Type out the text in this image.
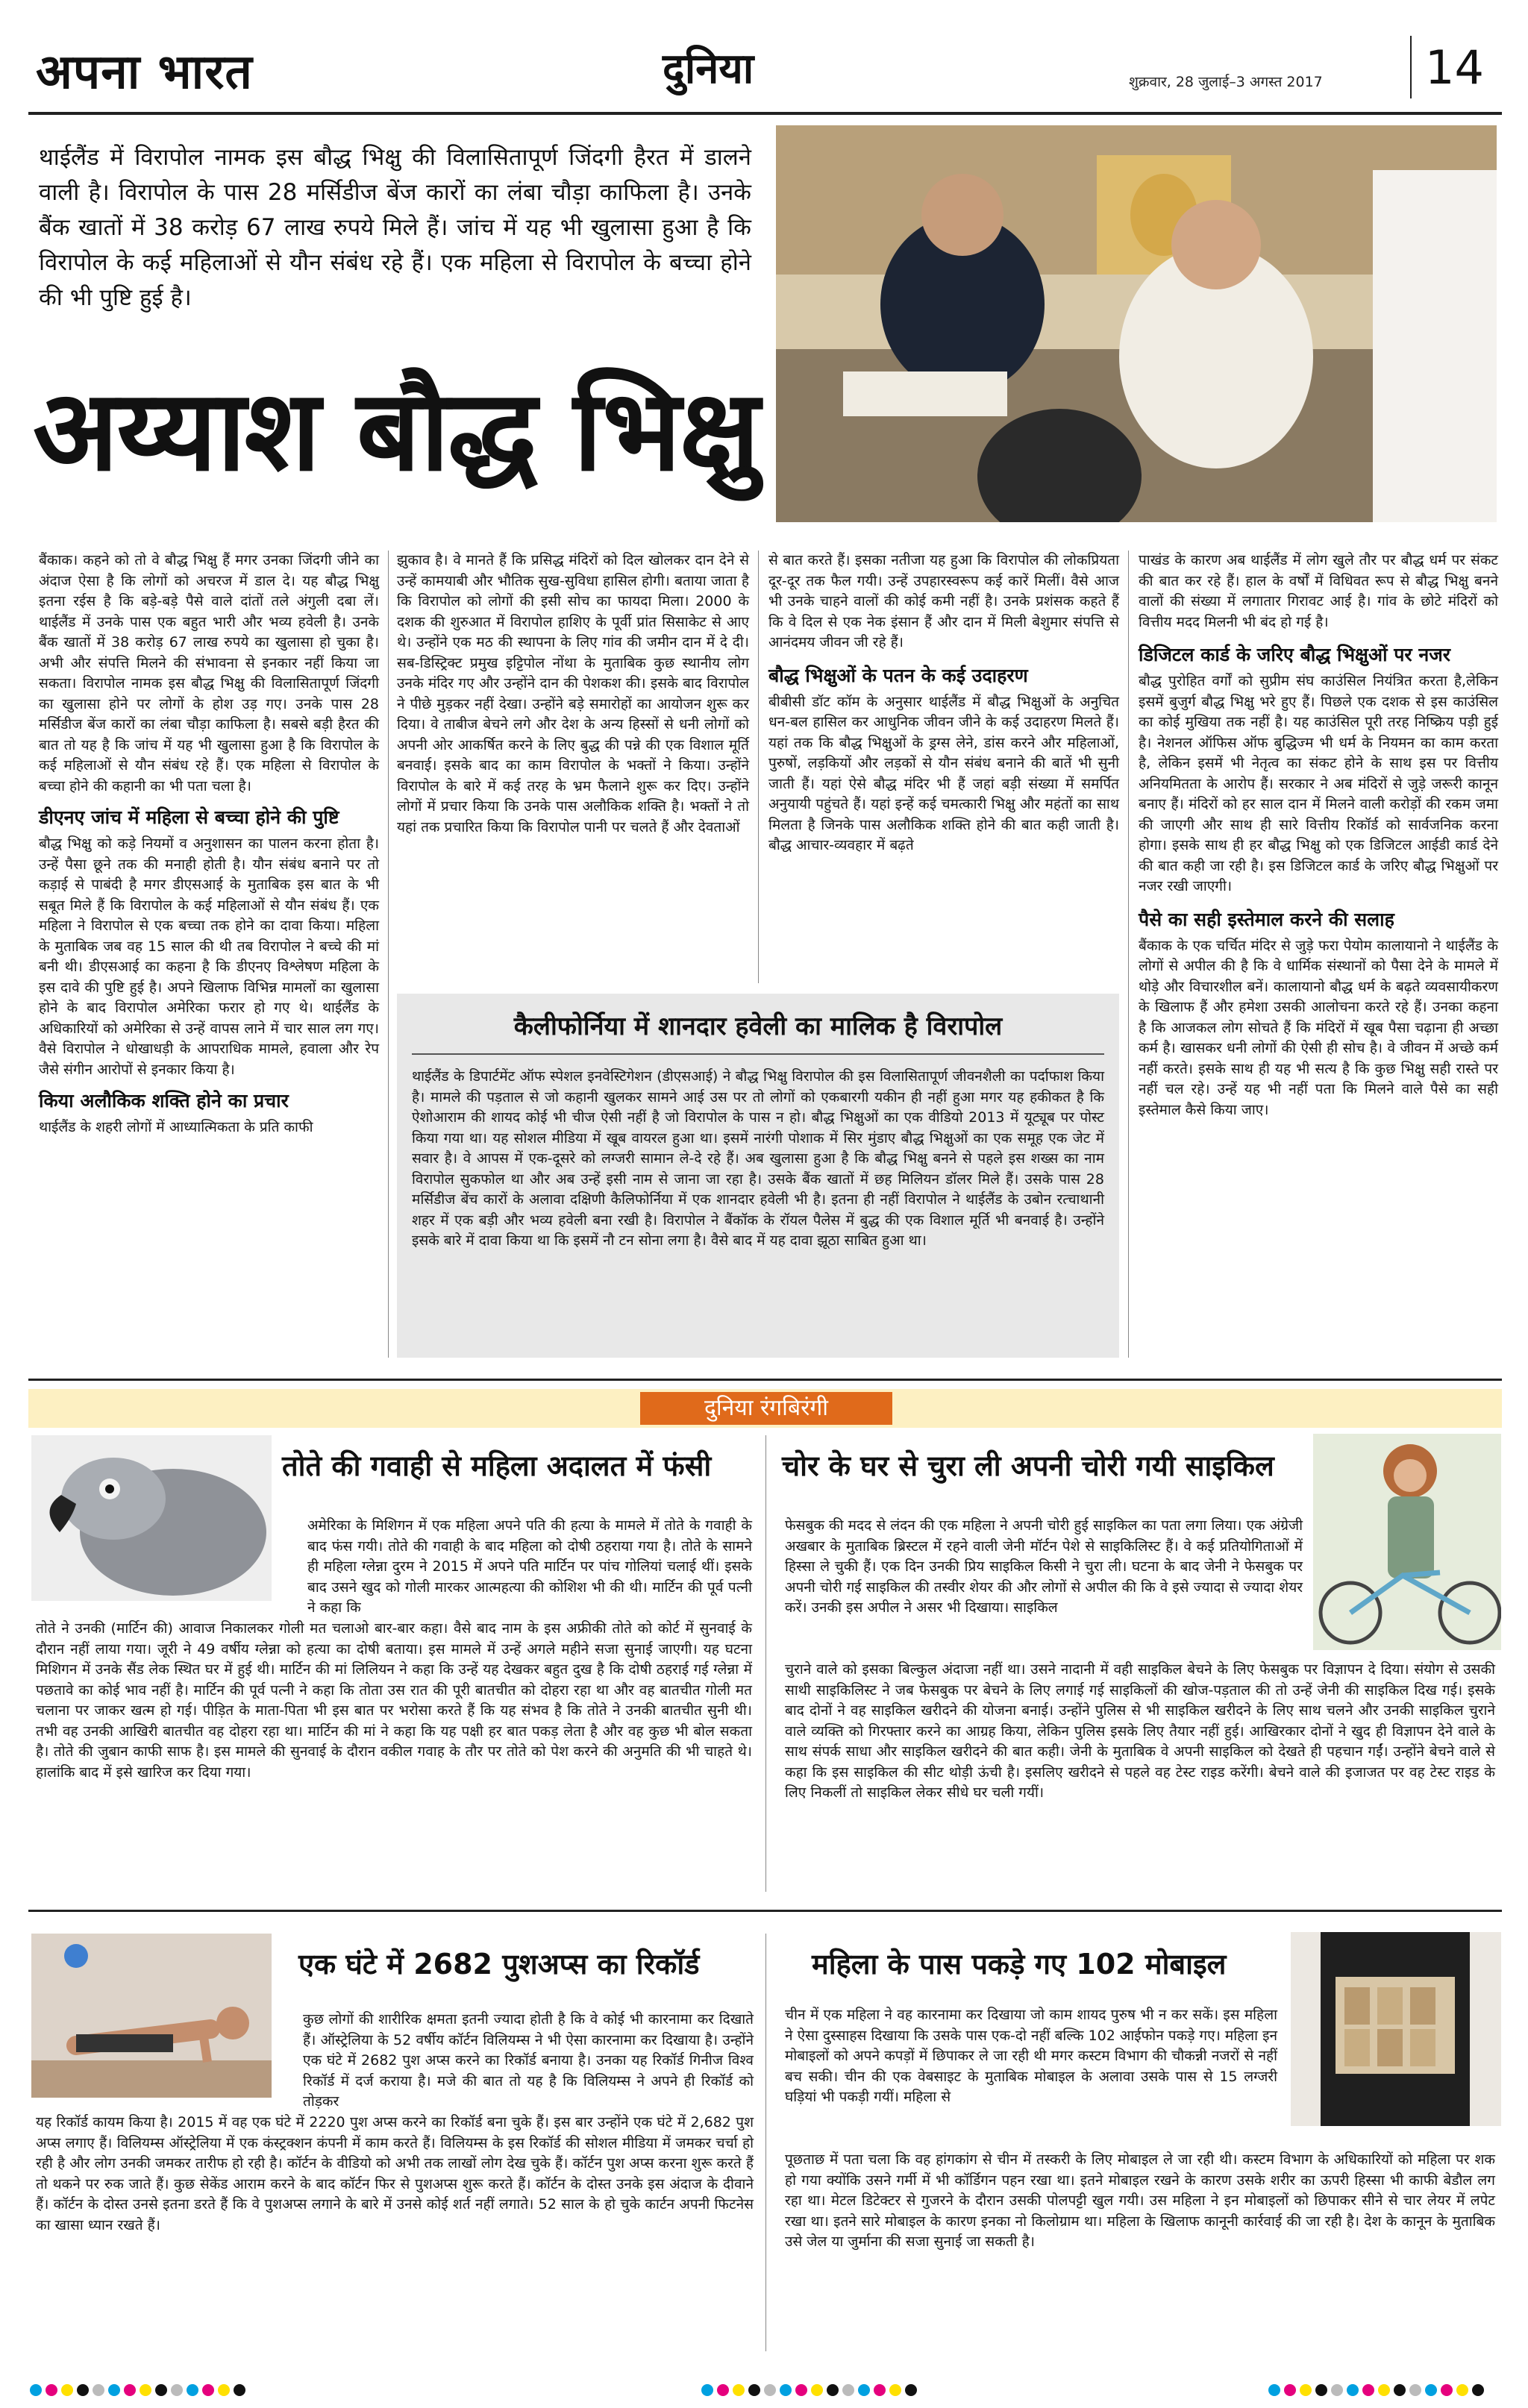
अपना भारत	दुनिया	शुक्रवार, 28 जुलाई–3 अगस्त 2017 14
थाईलैंड में विरापोल नामक इस बौद्ध भिक्षु की विलासितापूर्ण जिंदगी हैरत में डालने वाली है। विरापोल के पास 28 मर्सिडीज बेंज कारों का लंबा चौड़ा काफिला है। उनके बैंक खातों में 38 करोड़ 67 लाख रुपये मिले हैं। जांच में यह भी खुलासा हुआ है कि विरापोल के कई महिलाओं से यौन संबंध रहे हैं। एक महिला से विरापोल के बच्चा होने की भी पुष्टि हुई है।
अय्याश बौद्ध भिक्षु
बैंकाक। कहने को तो वे बौद्ध भिक्षु हैं मगर उनका जिंदगी जीने का अंदाज ऐसा है कि लोगों को अचरज में डाल दे। यह बौद्ध भिक्षु इतना रईस है कि बड़े-बड़े पैसे वाले दांतों तले अंगुली दबा लें। थाईलैंड में उनके पास एक बहुत भारी और भव्य हवेली है। उनके बैंक खातों में 38 करोड़ 67 लाख रुपये का खुलासा हो चुका है। अभी और संपत्ति मिलने की संभावना से इनकार नहीं किया जा सकता। विरापोल नामक इस बौद्ध भिक्षु की विलासितापूर्ण जिंदगी का खुलासा होने पर लोगों के होश उड़ गए। उनके पास 28 मर्सिडीज बेंज कारों का लंबा चौड़ा काफिला है। सबसे बड़ी हैरत की बात तो यह है कि जांच में यह भी खुलासा हुआ है कि विरापोल के कई महिलाओं से यौन संबंध रहे हैं। एक महिला से विरापोल के बच्चा होने की कहानी का भी पता चला है।
डीएनए जांच में महिला से बच्चा होने की पुष्टि
बौद्ध भिक्षु को कड़े नियमों व अनुशासन का पालन करना होता है। उन्हें पैसा छूने तक की मनाही होती है। यौन संबंध बनाने पर तो कड़ाई से पाबंदी है मगर डीएसआई के मुताबिक इस बात के भी सबूत मिले हैं कि विरापोल के कई महिलाओं से यौन संबंध हैं। एक महिला ने विरापोल से एक बच्चा तक होने का दावा किया। महिला के मुताबिक जब वह 15 साल की थी तब विरापोल ने बच्चे की मां बनी थी। डीएसआई का कहना है कि डीएनए विश्लेषण महिला के इस दावे की पुष्टि हुई है। अपने खिलाफ विभिन्न मामलों का खुलासा होने के बाद विरापोल अमेरिका फरार हो गए थे। थाईलैंड के अधिकारियों को अमेरिका से उन्हें वापस लाने में चार साल लग गए। वैसे विरापोल ने धोखाधड़ी के आपराधिक मामले, हवाला और रेप जैसे संगीन आरोपों से इनकार किया है।
किया अलौकिक शक्ति होने का प्रचार
थाईलैंड के शहरी लोगों में आध्यात्मिकता के प्रति काफी
झुकाव है। वे मानते हैं कि प्रसिद्ध मंदिरों को दिल खोलकर दान देने से उन्हें कामयाबी और भौतिक सुख-सुविधा हासिल होगी। बताया जाता है कि विरापोल को लोगों की इसी सोच का फायदा मिला। 2000 के दशक की शुरुआत में विरापोल हाशिए के पूर्वी प्रांत सिसाकेट से आए थे। उन्होंने एक मठ की स्थापना के लिए गांव की जमीन दान में दे दी। सब-डिस्ट्रिक्ट प्रमुख इट्टिपोल नोंथा के मुताबिक कुछ स्थानीय लोग उनके मंदिर गए और उन्होंने दान की पेशकश की। इसके बाद विरापोल ने पीछे मुड़कर नहीं देखा। उन्होंने बड़े समारोहों का आयोजन शुरू कर दिया। वे ताबीज बेचने लगे और देश के अन्य हिस्सों से धनी लोगों को अपनी ओर आकर्षित करने के लिए बुद्ध की पन्ने की एक विशाल मूर्ति बनवाई। इसके बाद का काम विरापोल के भक्तों ने किया। उन्होंने विरापोल के बारे में कई तरह के भ्रम फैलाने शुरू कर दिए। उन्होंने लोगों में प्रचार किया कि उनके पास अलौकिक शक्ति है। भक्तों ने तो यहां तक प्रचारित किया कि विरापोल पानी पर चलते हैं और देवताओं
से बात करते हैं। इसका नतीजा यह हुआ कि विरापोल की लोकप्रियता दूर-दूर तक फैल गयी। उन्हें उपहारस्वरूप कई कारें मिलीं। वैसे आज भी उनके चाहने वालों की कोई कमी नहीं है। उनके प्रशंसक कहते हैं कि वे दिल से एक नेक इंसान हैं और दान में मिली बेशुमार संपत्ति से आनंदमय जीवन जी रहे हैं।
बौद्ध भिक्षुओं के पतन के कई उदाहरण
बीबीसी डॉट कॉम के अनुसार थाईलैंड में बौद्ध भिक्षुओं के अनुचित धन-बल हासिल कर आधुनिक जीवन जीने के कई उदाहरण मिलते हैं। यहां तक कि बौद्ध भिक्षुओं के ड्रग्स लेने, डांस करने और महिलाओं, पुरुषों, लड़कियों और लड़कों से यौन संबंध बनाने की बातें भी सुनी जाती हैं। यहां ऐसे बौद्ध मंदिर भी हैं जहां बड़ी संख्या में समर्पित अनुयायी पहुंचते हैं। यहां इन्हें कई चमत्कारी भिक्षु और महंतों का साथ मिलता है जिनके पास अलौकिक शक्ति होने की बात कही जाती है। बौद्ध आचार-व्यवहार में बढ़ते
पाखंड के कारण अब थाईलैंड में लोग खुले तौर पर बौद्ध धर्म पर संकट की बात कर रहे हैं। हाल के वर्षों में विधिवत रूप से बौद्ध भिक्षु बनने वालों की संख्या में लगातार गिरावट आई है। गांव के छोटे मंदिरों को वित्तीय मदद मिलनी भी बंद हो गई है।
डिजिटल कार्ड के जरिए बौद्ध भिक्षुओं पर नजर
बौद्ध पुरोहित वर्गों को सुप्रीम संघ काउंसिल नियंत्रित करता है,लेकिन इसमें बुजुर्ग बौद्ध भिक्षु भरे हुए हैं। पिछले एक दशक से इस काउंसिल का कोई मुखिया तक नहीं है। यह काउंसिल पूरी तरह निष्क्रिय पड़ी हुई है। नेशनल ऑफिस ऑफ बुद्धिज्म भी धर्म के नियमन का काम करता है, लेकिन इसमें भी नेतृत्व का संकट होने के साथ इस पर वित्तीय अनियमितता के आरोप हैं। सरकार ने अब मंदिरों से जुड़े जरूरी कानून बनाए हैं। मंदिरों को हर साल दान में मिलने वाली करोड़ों की रकम जमा की जाएगी और साथ ही सारे वित्तीय रिकॉर्ड को सार्वजनिक करना होगा। इसके साथ ही हर बौद्ध भिक्षु को एक डिजिटल आईडी कार्ड देने की बात कही जा रही है। इस डिजिटल कार्ड के जरिए बौद्ध भिक्षुओं पर नजर रखी जाएगी।
पैसे का सही इस्तेमाल करने की सलाह
बैंकाक के एक चर्चित मंदिर से जुड़े फरा पेयोम कालायानो ने थाईलैंड के लोगों से अपील की है कि वे धार्मिक संस्थानों को पैसा देने के मामले में थोड़े और विचारशील बनें। कालायानो बौद्ध धर्म के बढ़ते व्यवसायीकरण के खिलाफ हैं और हमेशा उसकी आलोचना करते रहे हैं। उनका कहना है कि आजकल लोग सोचते हैं कि मंदिरों में खूब पैसा चढ़ाना ही अच्छा कर्म है। खासकर धनी लोगों की ऐसी ही सोच है। वे जीवन में अच्छे कर्म नहीं करते। इसके साथ ही यह भी सत्य है कि कुछ भिक्षु सही रास्ते पर नहीं चल रहे। उन्हें यह भी नहीं पता कि मिलने वाले पैसे का सही इस्तेमाल कैसे किया जाए।
कैलीफोर्निया में शानदार हवेली का मालिक है विरापोल
थाईलैंड के डिपार्टमेंट ऑफ स्पेशल इनवेस्टिगेशन (डीएसआई) ने बौद्ध भिक्षु विरापोल की इस विलासितापूर्ण जीवनशैली का पर्दाफाश किया है। मामले की पड़ताल से जो कहानी खुलकर सामने आई उस पर तो लोगों को एकबारगी यकीन ही नहीं हुआ मगर यह हकीकत है कि ऐशोआराम की शायद कोई भी चीज ऐसी नहीं है जो विरापोल के पास न हो। बौद्ध भिक्षुओं का एक वीडियो 2013 में यूट्यूब पर पोस्ट किया गया था। यह सोशल मीडिया में खूब वायरल हुआ था। इसमें नारंगी पोशाक में सिर मुंडाए बौद्ध भिक्षुओं का एक समूह एक जेट में सवार है। वे आपस में एक-दूसरे को लग्जरी सामान ले-दे रहे हैं। अब खुलासा हुआ है कि बौद्ध भिक्षु बनने से पहले इस शख्स का नाम विरापोल सुकफोल था और अब उन्हें इसी नाम से जाना जा रहा है। उसके बैंक खातों में छह मिलियन डॉलर मिले हैं। उसके पास 28 मर्सिडीज बेंच कारों के अलावा दक्षिणी कैलिफोर्निया में एक शानदार हवेली भी है। इतना ही नहीं विरापोल ने थाईलैंड के उबोन रत्चाथानी शहर में एक बड़ी और भव्य हवेली बना रखी है। विरापोल ने बैंकॉक के रॉयल पैलेस में बुद्ध की एक विशाल मूर्ति भी बनवाई है। उन्होंने इसके बारे में दावा किया था कि इसमें नौ टन सोना लगा है। वैसे बाद में यह दावा झूठा साबित हुआ था।
दुनिया रंगबिरंगी
तोते की गवाही से महिला अदालत में फंसी
अमेरिका के मिशिगन में एक महिला अपने पति की हत्या के मामले में तोते के गवाही के बाद फंस गयी। तोते की गवाही के बाद महिला को दोषी ठहराया गया है। तोते के सामने ही महिला ग्लेन्ना दुरम ने 2015 में अपने पति मार्टिन पर पांच गोलियां चलाई थीं। इसके बाद उसने खुद को गोली मारकर आत्महत्या की कोशिश भी की थी। मार्टिन की पूर्व पत्नी ने कहा कि
तोते ने उनकी (मार्टिन की) आवाज निकालकर गोली मत चलाओ बार-बार कहा। वैसे बाद नाम के इस अफ्रीकी तोते को कोर्ट में सुनवाई के दौरान नहीं लाया गया। जूरी ने 49 वर्षीय ग्लेन्ना को हत्या का दोषी बताया। इस मामले में उन्हें अगले महीने सजा सुनाई जाएगी। यह घटना मिशिगन में उनके सैंड लेक स्थित घर में हुई थी। मार्टिन की मां लिलियन ने कहा कि उन्हें यह देखकर बहुत दुख है कि दोषी ठहराई गई ग्लेन्ना में पछतावे का कोई भाव नहीं है। मार्टिन की पूर्व पत्नी ने कहा कि तोता उस रात की पूरी बातचीत को दोहरा रहा था और वह बातचीत गोली मत चलाना पर जाकर खत्म हो गई। पीड़ित के माता-पिता भी इस बात पर भरोसा करते हैं कि यह संभव है कि तोते ने उनकी बातचीत सुनी थी। तभी वह उनकी आखिरी बातचीत वह दोहरा रहा था। मार्टिन की मां ने कहा कि यह पक्षी हर बात पकड़ लेता है और वह कुछ भी बोल सकता है। तोते की जुबान काफी साफ है। इस मामले की सुनवाई के दौरान वकील गवाह के तौर पर तोते को पेश करने की अनुमति की भी चाहते थे। हालांकि बाद में इसे खारिज कर दिया गया।
चोर के घर से चुरा ली अपनी चोरी गयी साइकिल
फेसबुक की मदद से लंदन की एक महिला ने अपनी चोरी हुई साइकिल का पता लगा लिया। एक अंग्रेजी अखबार के मुताबिक ब्रिस्टल में रहने वाली जेनी मॉर्टन पेशे से साइकिलिस्ट हैं। वे कई प्रतियोगिताओं में हिस्सा ले चुकी हैं। एक दिन उनकी प्रिय साइकिल किसी ने चुरा ली। घटना के बाद जेनी ने फेसबुक पर अपनी चोरी गई साइकिल की तस्वीर शेयर की और लोगों से अपील की कि वे इसे ज्यादा से ज्यादा शेयर करें। उनकी इस अपील ने असर भी दिखाया। साइकिल
चुराने वाले को इसका बिल्कुल अंदाजा नहीं था। उसने नादानी में वही साइकिल बेचने के लिए फेसबुक पर विज्ञापन दे दिया। संयोग से उसकी साथी साइकिलिस्ट ने जब फेसबुक पर बेचने के लिए लगाई गई साइकिलों की खोज-पड़ताल की तो उन्हें जेनी की साइकिल दिख गई। इसके बाद दोनों ने वह साइकिल खरीदने की योजना बनाई। उन्होंने पुलिस से भी साइकिल खरीदने के लिए साथ चलने और उनकी साइकिल चुराने वाले व्यक्ति को गिरफ्तार करने का आग्रह किया, लेकिन पुलिस इसके लिए तैयार नहीं हुई। आखिरकार दोनों ने खुद ही विज्ञापन देने वाले के साथ संपर्क साधा और साइकिल खरीदने की बात कही। जेनी के मुताबिक वे अपनी साइकिल को देखते ही पहचान गईं। उन्होंने बेचने वाले से कहा कि इस साइकिल की सीट थोड़ी ऊंची है। इसलिए खरीदने से पहले वह टेस्ट राइड करेंगी। बेचने वाले की इजाजत पर वह टेस्ट राइड के लिए निकलीं तो साइकिल लेकर सीधे घर चली गयीं।
एक घंटे में 2682 पुशअप्स का रिकॉर्ड
कुछ लोगों की शारीरिक क्षमता इतनी ज्यादा होती है कि वे कोई भी कारनामा कर दिखाते हैं। ऑस्ट्रेलिया के 52 वर्षीय कॉर्टन विलियम्स ने भी ऐसा कारनामा कर दिखाया है। उन्होंने एक घंटे में 2682 पुश अप्स करने का रिकॉर्ड बनाया है। उनका यह रिकॉर्ड गिनीज विश्व रिकॉर्ड में दर्ज कराया है। मजे की बात तो यह है कि विलियम्स ने अपने ही रिकॉर्ड को तोड़कर
यह रिकॉर्ड कायम किया है। 2015 में वह एक घंटे में 2220 पुश अप्स करने का रिकॉर्ड बना चुके हैं। इस बार उन्होंने एक घंटे में 2,682 पुश अप्स लगाए हैं। विलियम्स ऑस्ट्रेलिया में एक कंस्ट्रक्शन कंपनी में काम करते हैं। विलियम्स के इस रिकॉर्ड की सोशल मीडिया में जमकर चर्चा हो रही है और लोग उनकी जमकर तारीफ हो रही है। कॉर्टन के वीडियो को अभी तक लाखों लोग देख चुके हैं। कॉर्टन पुश अप्स करना शुरू करते हैं तो थकने पर रुक जाते हैं। कुछ सेकेंड आराम करने के बाद कॉर्टन फिर से पुशअप्स शुरू करते हैं। कॉर्टन के दोस्त उनके इस अंदाज के दीवाने हैं। कॉर्टन के दोस्त उनसे इतना डरते हैं कि वे पुशअप्स लगाने के बारे में उनसे कोई शर्त नहीं लगाते। 52 साल के हो चुके कार्टन अपनी फिटनेस का खासा ध्यान रखते हैं।
महिला के पास पकड़े गए 102 मोबाइल
चीन में एक महिला ने वह कारनामा कर दिखाया जो काम शायद पुरुष भी न कर सकें। इस महिला ने ऐसा दुस्साहस दिखाया कि उसके पास एक-दो नहीं बल्कि 102 आईफोन पकड़े गए। महिला इन मोबाइलों को अपने कपड़ों में छिपाकर ले जा रही थी मगर कस्टम विभाग की चौकन्नी नजरों से नहीं बच सकी। चीन की एक वेबसाइट के मुताबिक मोबाइल के अलावा उसके पास से 15 लग्जरी घड़ियां भी पकड़ी गयीं। महिला से
पूछताछ में पता चला कि वह हांगकांग से चीन में तस्करी के लिए मोबाइल ले जा रही थी। कस्टम विभाग के अधिकारियों को महिला पर शक हो गया क्योंकि उसने गर्मी में भी कॉर्डिगन पहन रखा था। इतने मोबाइल रखने के कारण उसके शरीर का ऊपरी हिस्सा भी काफी बेडौल लग रहा था। मेटल डिटेक्टर से गुजरने के दौरान उसकी पोलपट्टी खुल गयी। उस महिला ने इन मोबाइलों को छिपाकर सीने से चार लेयर में लपेट रखा था। इतने सारे मोबाइल के कारण इनका नो किलोग्राम था। महिला के खिलाफ कानूनी कार्रवाई की जा रही है। देश के कानून के मुताबिक उसे जेल या जुर्माना की सजा सुनाई जा सकती है।
